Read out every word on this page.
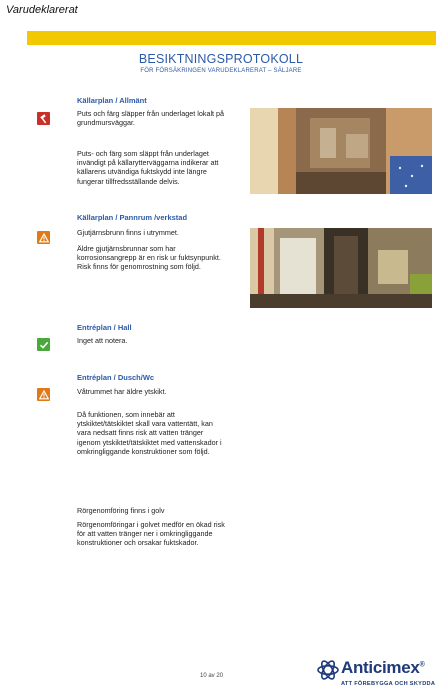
Varudeklarerat
BESIKTNINGSPROTOKOLL
FÖR FÖRSÄKRINGEN VARUDEKLARERAT – SÄLJARE
Källarplan / Allmänt
Puts och färg släpper från underlaget lokalt på grundmursväggar.
Puts- och färg som släppt från underlaget invändigt på källarytterväggarna indikerar att källarens utvändiga fuktskydd inte längre fungerar tillfredsställande delvis.
Källarplan / Pannrum /verkstad
Gjutjärnsbrunn finns i utrymmet.
Äldre gjutjärnsbrunnar som har korrosionsangrepp är en risk ur fuktsynpunkt. Risk finns för genomrostning som följd.
Entréplan / Hall
Inget att notera.
Entréplan / Dusch/Wc
Våtrummet har äldre ytskikt.
Då funktionen, som innebär att ytskiktet/tätskiktet skall vara vattentätt, kan vara nedsatt finns risk att vatten tränger igenom ytskiktet/tätskiktet med vattenskador i omkringliggande konstruktioner som följd.
Rörgenomföring finns i golv
Rörgenomföringar i golvet medför en ökad risk för att vatten tränger ner i omkringliggande konstruktioner och orsakar fuktskador.
10 av 20	Anticimex®
ATT FÖREBYGGA OCH SKYDDA
